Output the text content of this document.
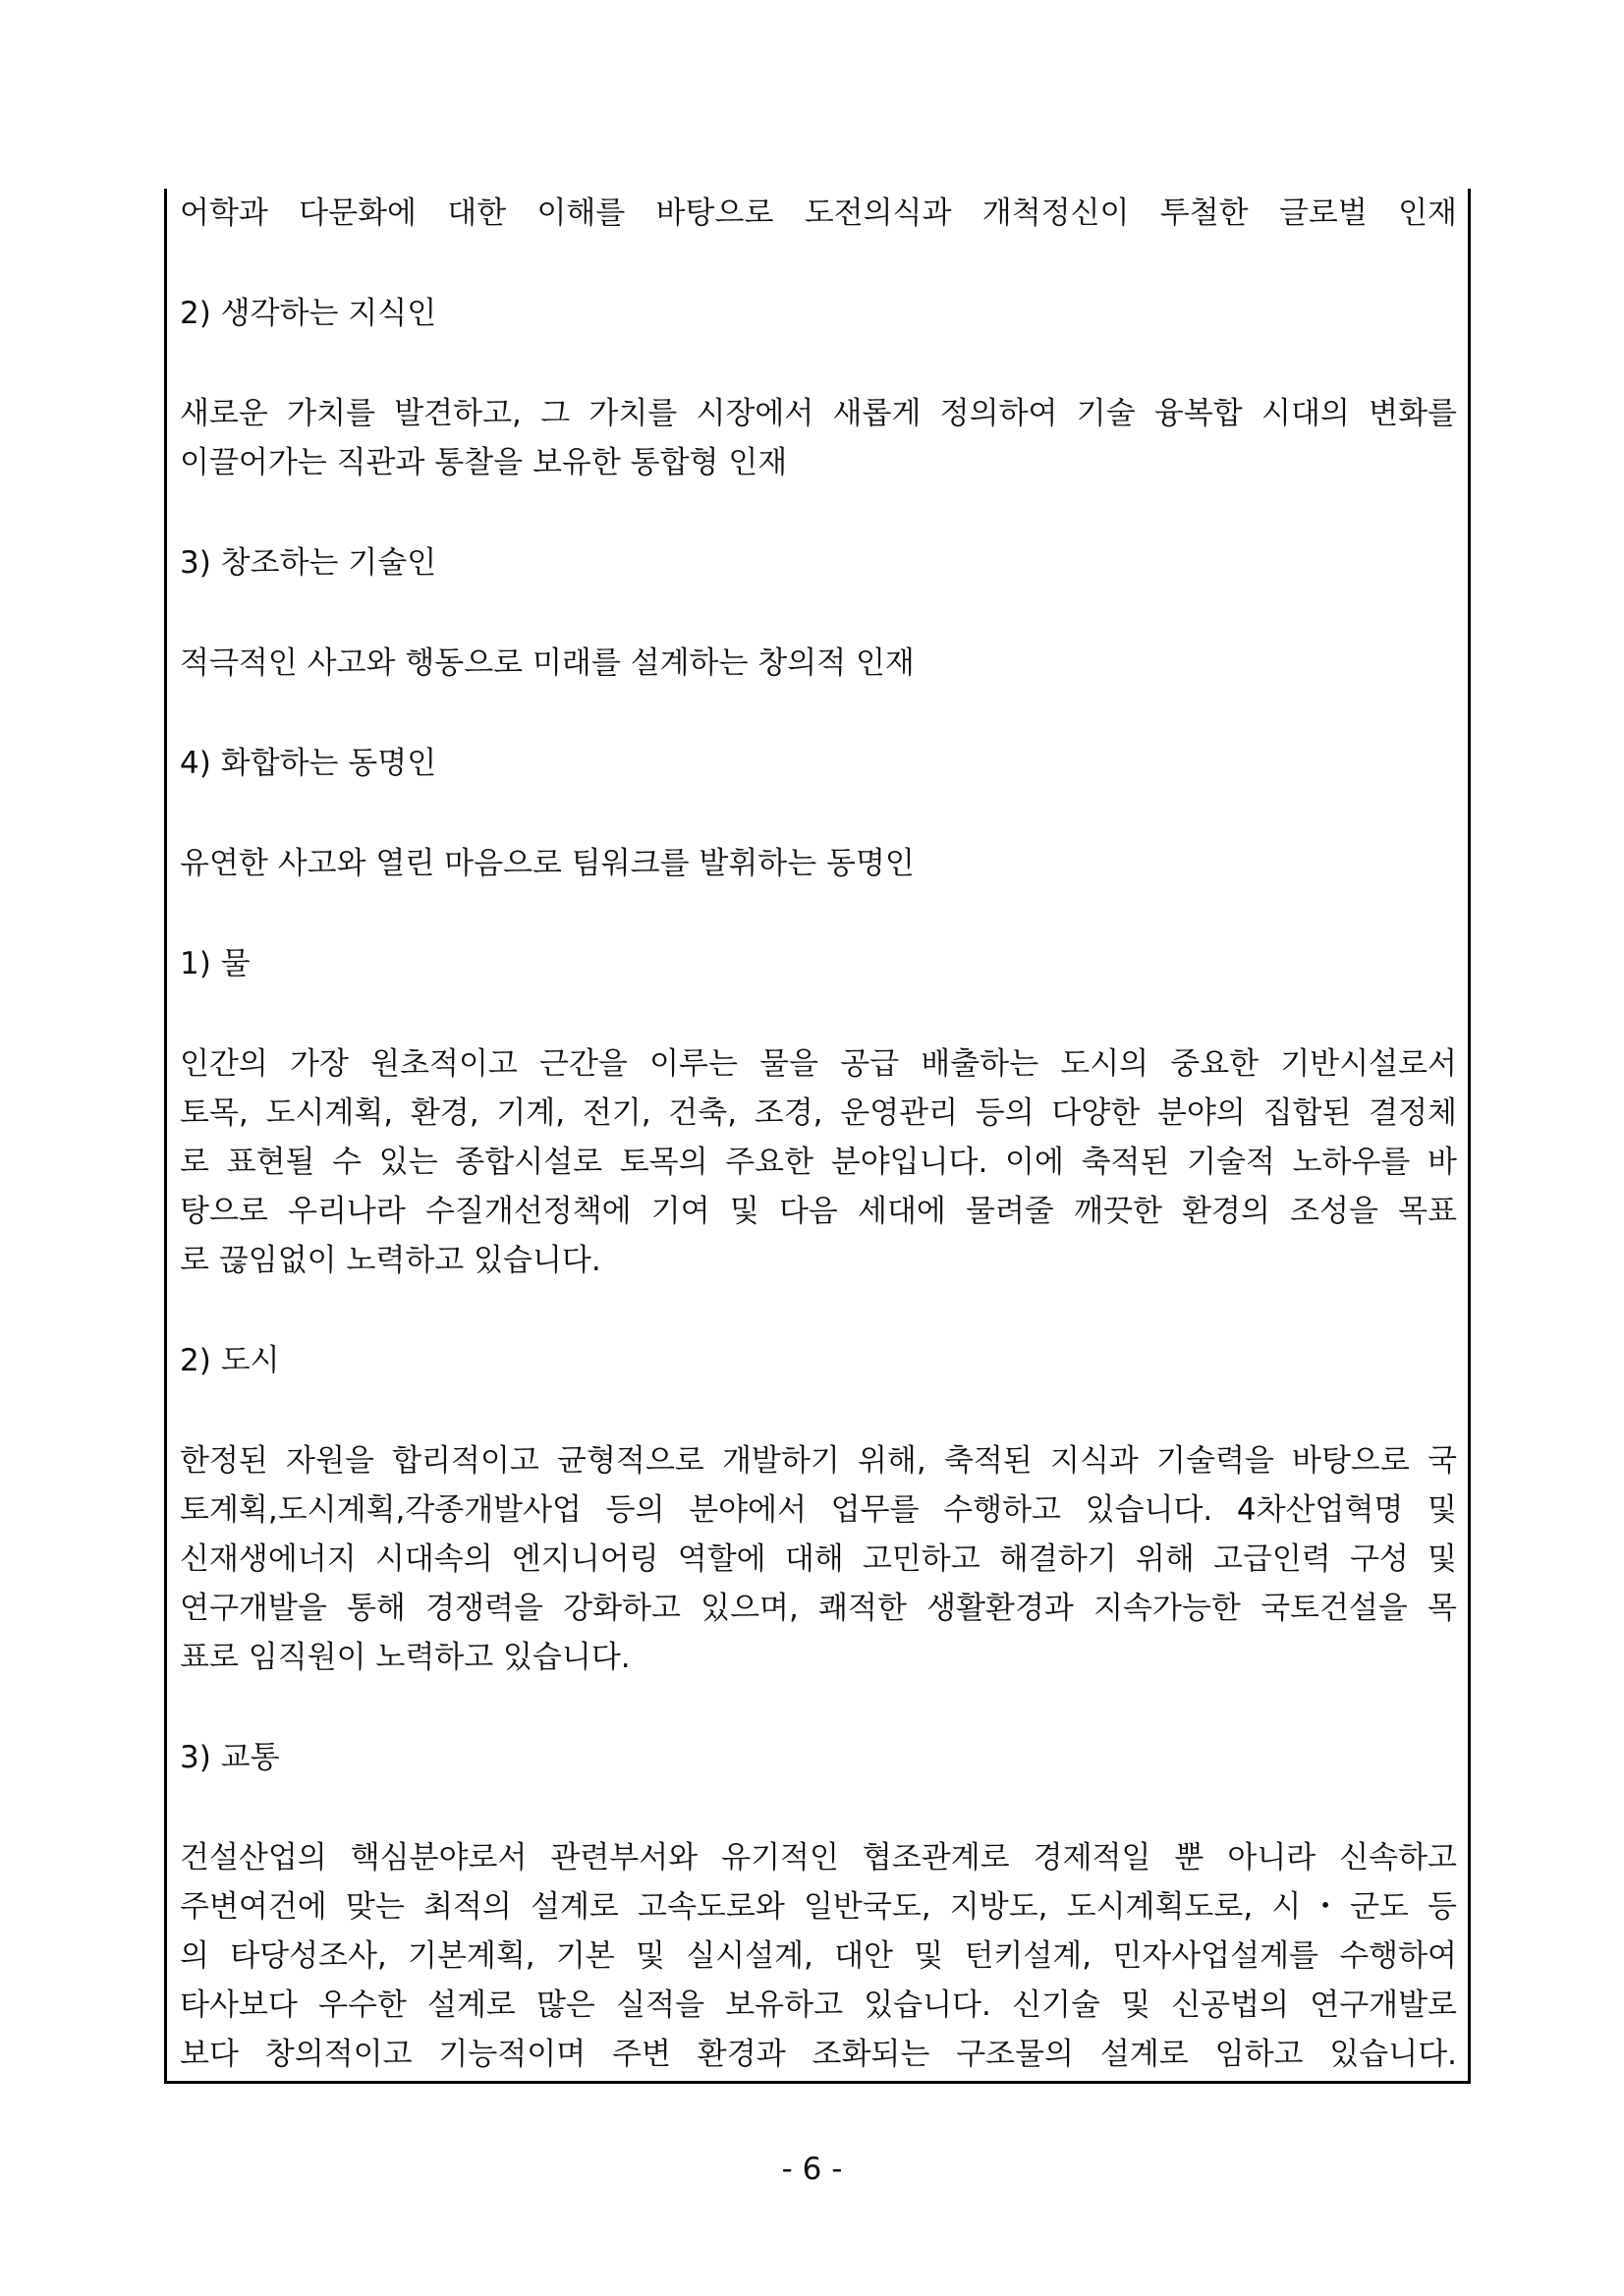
어학과 다문화에 대한 이해를 바탕으로 도전의식과 개척정신이 투철한 글로벌 인재
2) 생각하는 지식인
새로운 가치를 발견하고, 그 가치를 시장에서 새롭게 정의하여 기술 융복합 시대의 변화를
이끌어가는 직관과 통찰을 보유한 통합형 인재
3) 창조하는 기술인
적극적인 사고와 행동으로 미래를 설계하는 창의적 인재
4) 화합하는 동명인
유연한 사고와 열린 마음으로 팀워크를 발휘하는 동명인
1) 물
인간의 가장 원초적이고 근간을 이루는 물을 공급 배출하는 도시의 중요한 기반시설로서
토목, 도시계획, 환경, 기계, 전기, 건축, 조경, 운영관리 등의 다양한 분야의 집합된 결정체
로 표현될 수 있는 종합시설로 토목의 주요한 분야입니다. 이에 축적된 기술적 노하우를 바
탕으로 우리나라 수질개선정책에 기여 및 다음 세대에 물려줄 깨끗한 환경의 조성을 목표
로 끊임없이 노력하고 있습니다.
2) 도시
한정된 자원을 합리적이고 균형적으로 개발하기 위해, 축적된 지식과 기술력을 바탕으로 국
토계획,도시계획,각종개발사업 등의 분야에서 업무를 수행하고 있습니다. 4차산업혁명 및
신재생에너지 시대속의 엔지니어링 역할에 대해 고민하고 해결하기 위해 고급인력 구성 및
연구개발을 통해 경쟁력을 강화하고 있으며, 쾌적한 생활환경과 지속가능한 국토건설을 목
표로 임직원이 노력하고 있습니다.
3) 교통
건설산업의 핵심분야로서 관련부서와 유기적인 협조관계로 경제적일 뿐 아니라 신속하고
주변여건에 맞는 최적의 설계로 고속도로와 일반국도, 지방도, 도시계획도로, 시・군도 등
의 타당성조사, 기본계획, 기본 및 실시설계, 대안 및 턴키설계, 민자사업설계를 수행하여
타사보다 우수한 설계로 많은 실적을 보유하고 있습니다. 신기술 및 신공법의 연구개발로
보다 창의적이고 기능적이며 주변 환경과 조화되는 구조물의 설계로 임하고 있습니다.
- 6 -
